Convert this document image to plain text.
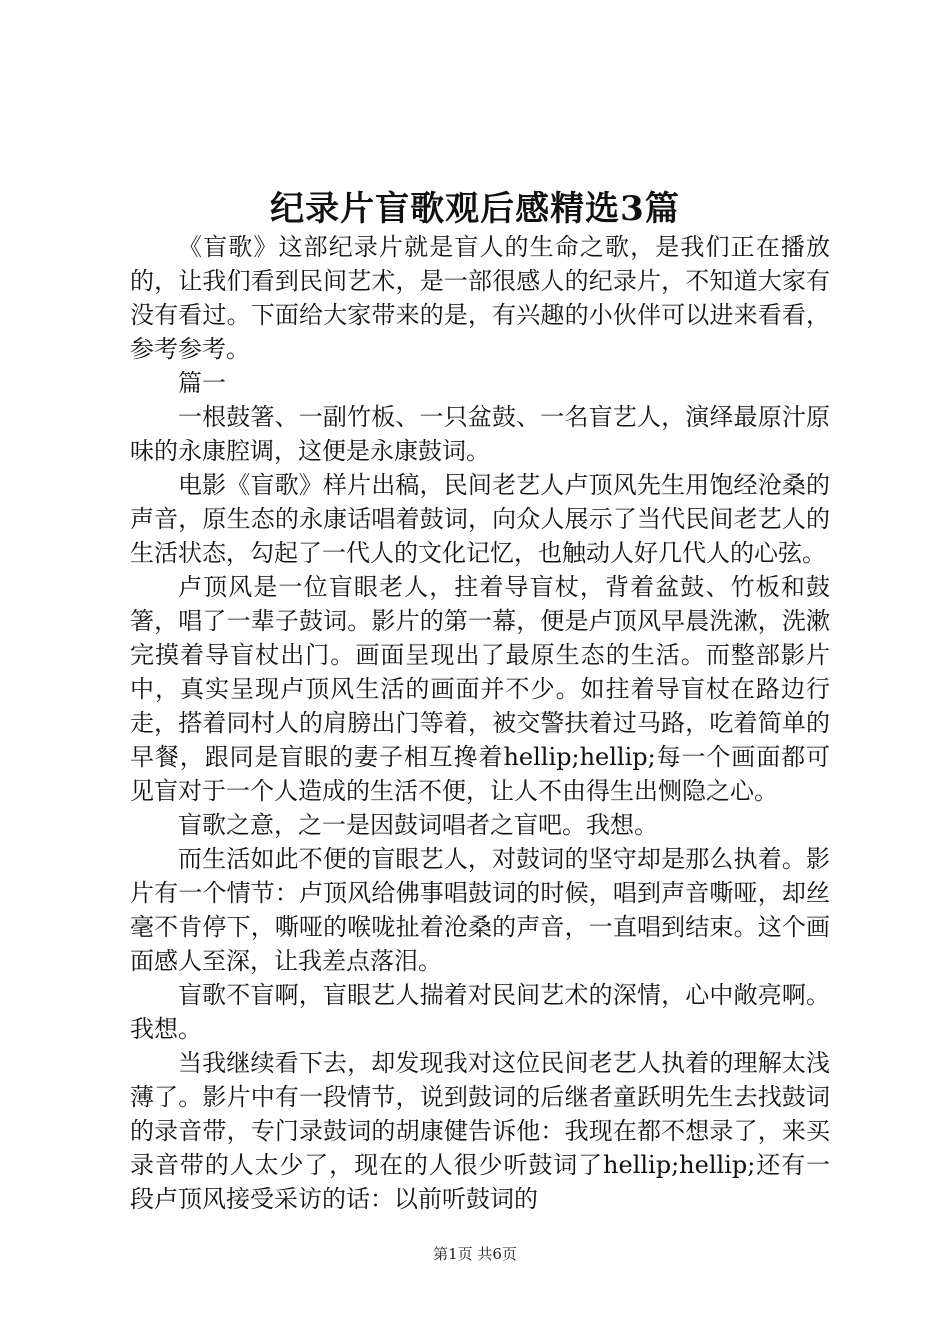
纪录片盲歌观后感精选3篇

《盲歌》这部纪录片就是盲人的生命之歌，是我们正在播放的，让我们看到民间艺术，是一部很感人的纪录片，不知道大家有没有看过。下面给大家带来的是，有兴趣的小伙伴可以进来看看，参考参考。

篇一

一根鼓箸、一副竹板、一只盆鼓、一名盲艺人，演绎最原汁原味的永康腔调，这便是永康鼓词。

电影《盲歌》样片出稿，民间老艺人卢顶风先生用饱经沧桑的声音，原生态的永康话唱着鼓词，向众人展示了当代民间老艺人的生活状态，勾起了一代人的文化记忆，也触动人好几代人的心弦。

卢顶风是一位盲眼老人，拄着导盲杖，背着盆鼓、竹板和鼓箸，唱了一辈子鼓词。影片的第一幕，便是卢顶风早晨洗漱，洗漱完摸着导盲杖出门。画面呈现出了最原生态的生活。而整部影片中，真实呈现卢顶风生活的画面并不少。如拄着导盲杖在路边行走，搭着同村人的肩膀出门等着，被交警扶着过马路，吃着简单的早餐，跟同是盲眼的妻子相互搀着hellip;hellip;每一个画面都可见盲对于一个人造成的生活不便，让人不由得生出恻隐之心。

盲歌之意，之一是因鼓词唱者之盲吧。我想。

而生活如此不便的盲眼艺人，对鼓词的坚守却是那么执着。影片有一个情节：卢顶风给佛事唱鼓词的时候，唱到声音嘶哑，却丝毫不肯停下，嘶哑的喉咙扯着沧桑的声音，一直唱到结束。这个画面感人至深，让我差点落泪。

盲歌不盲啊，盲眼艺人揣着对民间艺术的深情，心中敞亮啊。我想。

当我继续看下去，却发现我对这位民间老艺人执着的理解太浅薄了。影片中有一段情节，说到鼓词的后继者童跃明先生去找鼓词的录音带，专门录鼓词的胡康健告诉他：我现在都不想录了，来买录音带的人太少了，现在的人很少听鼓词了hellip;hellip;还有一段卢顶风接受采访的话：以前听鼓词的

第1页 共6页
